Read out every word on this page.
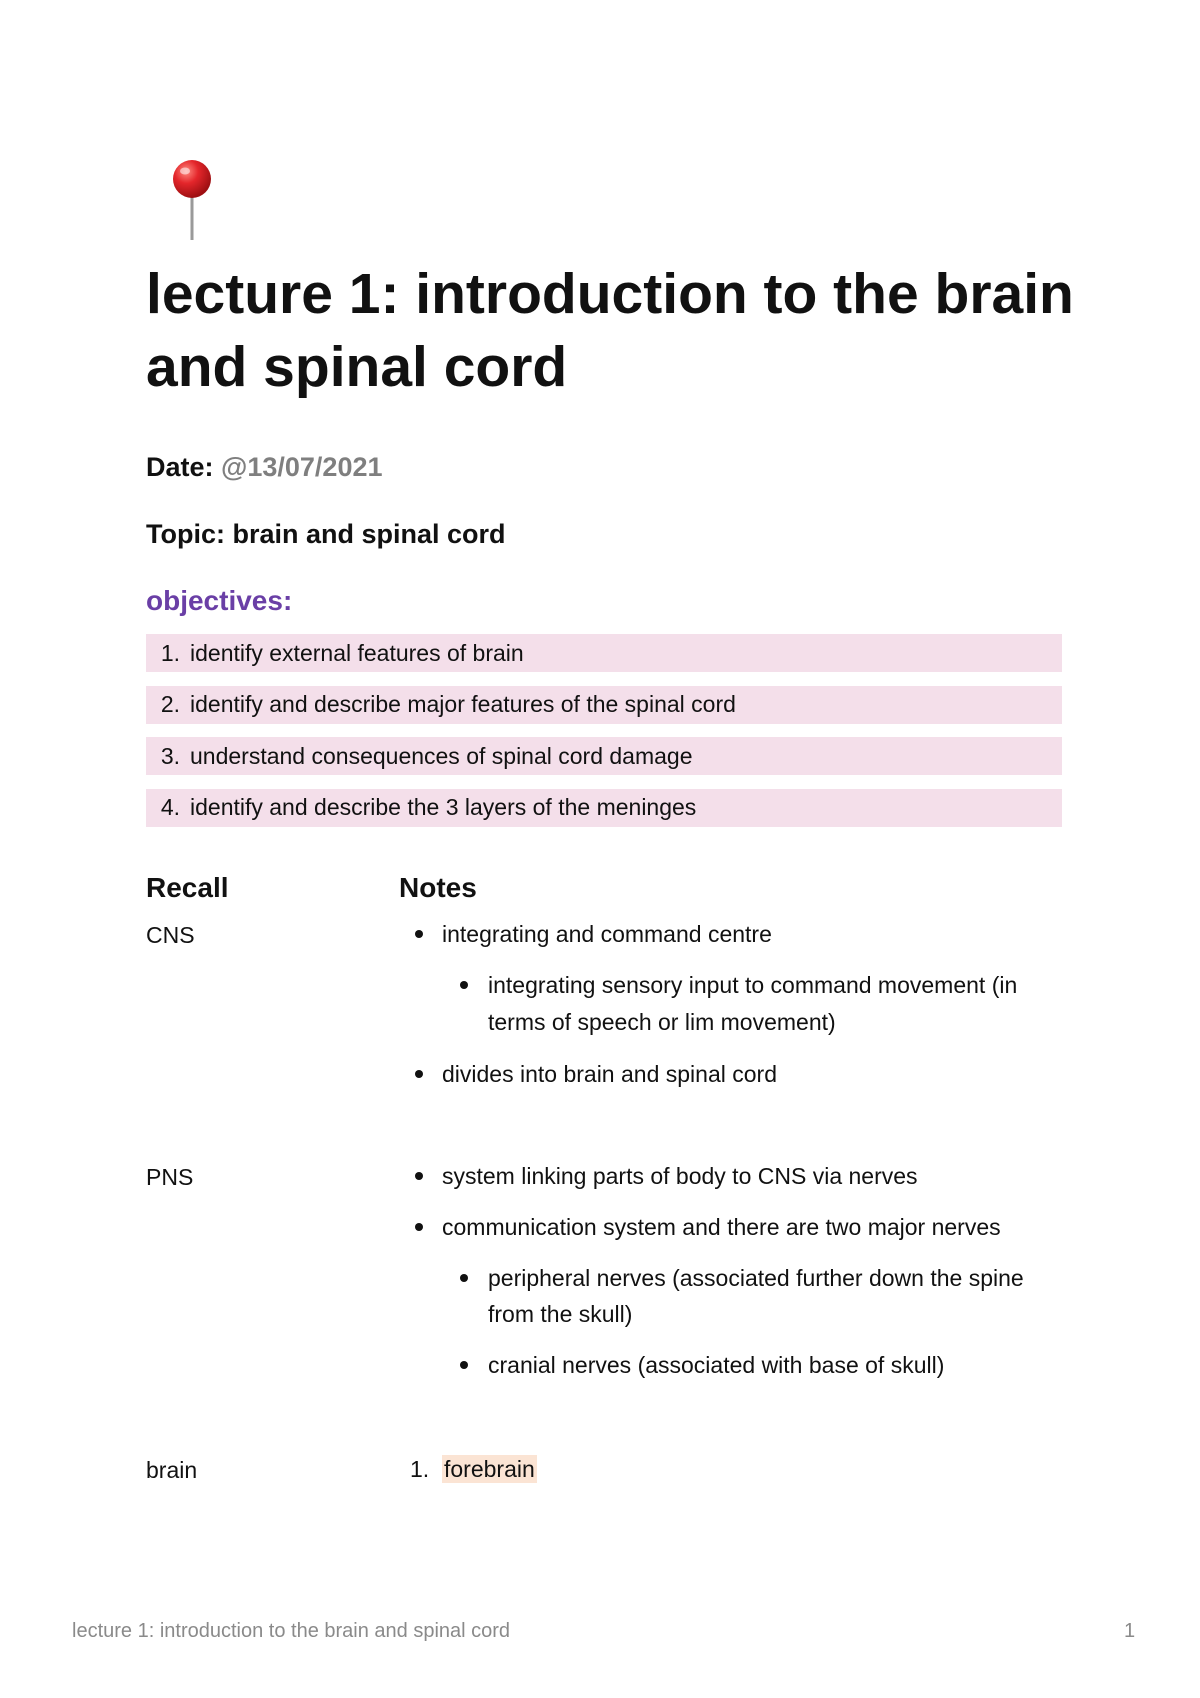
lecture 1: introduction to the brain and spinal cord
Date: @13/07/2021
Topic: brain and spinal cord
objectives:
1. identify external features of brain
2. identify and describe major features of the spinal cord
3. understand consequences of spinal cord damage
4. identify and describe the 3 layers of the meninges
Recall	Notes
CNS	integrating and command centre
integrating sensory input to command movement (in terms of speech or lim movement)
divides into brain and spinal cord
PNS	system linking parts of body to CNS via nerves
communication system and there are two major nerves
peripheral nerves (associated further down the spine from the skull)
cranial nerves (associated with base of skull)
brain	1. forebrain
lecture 1: introduction to the brain and spinal cord	1
